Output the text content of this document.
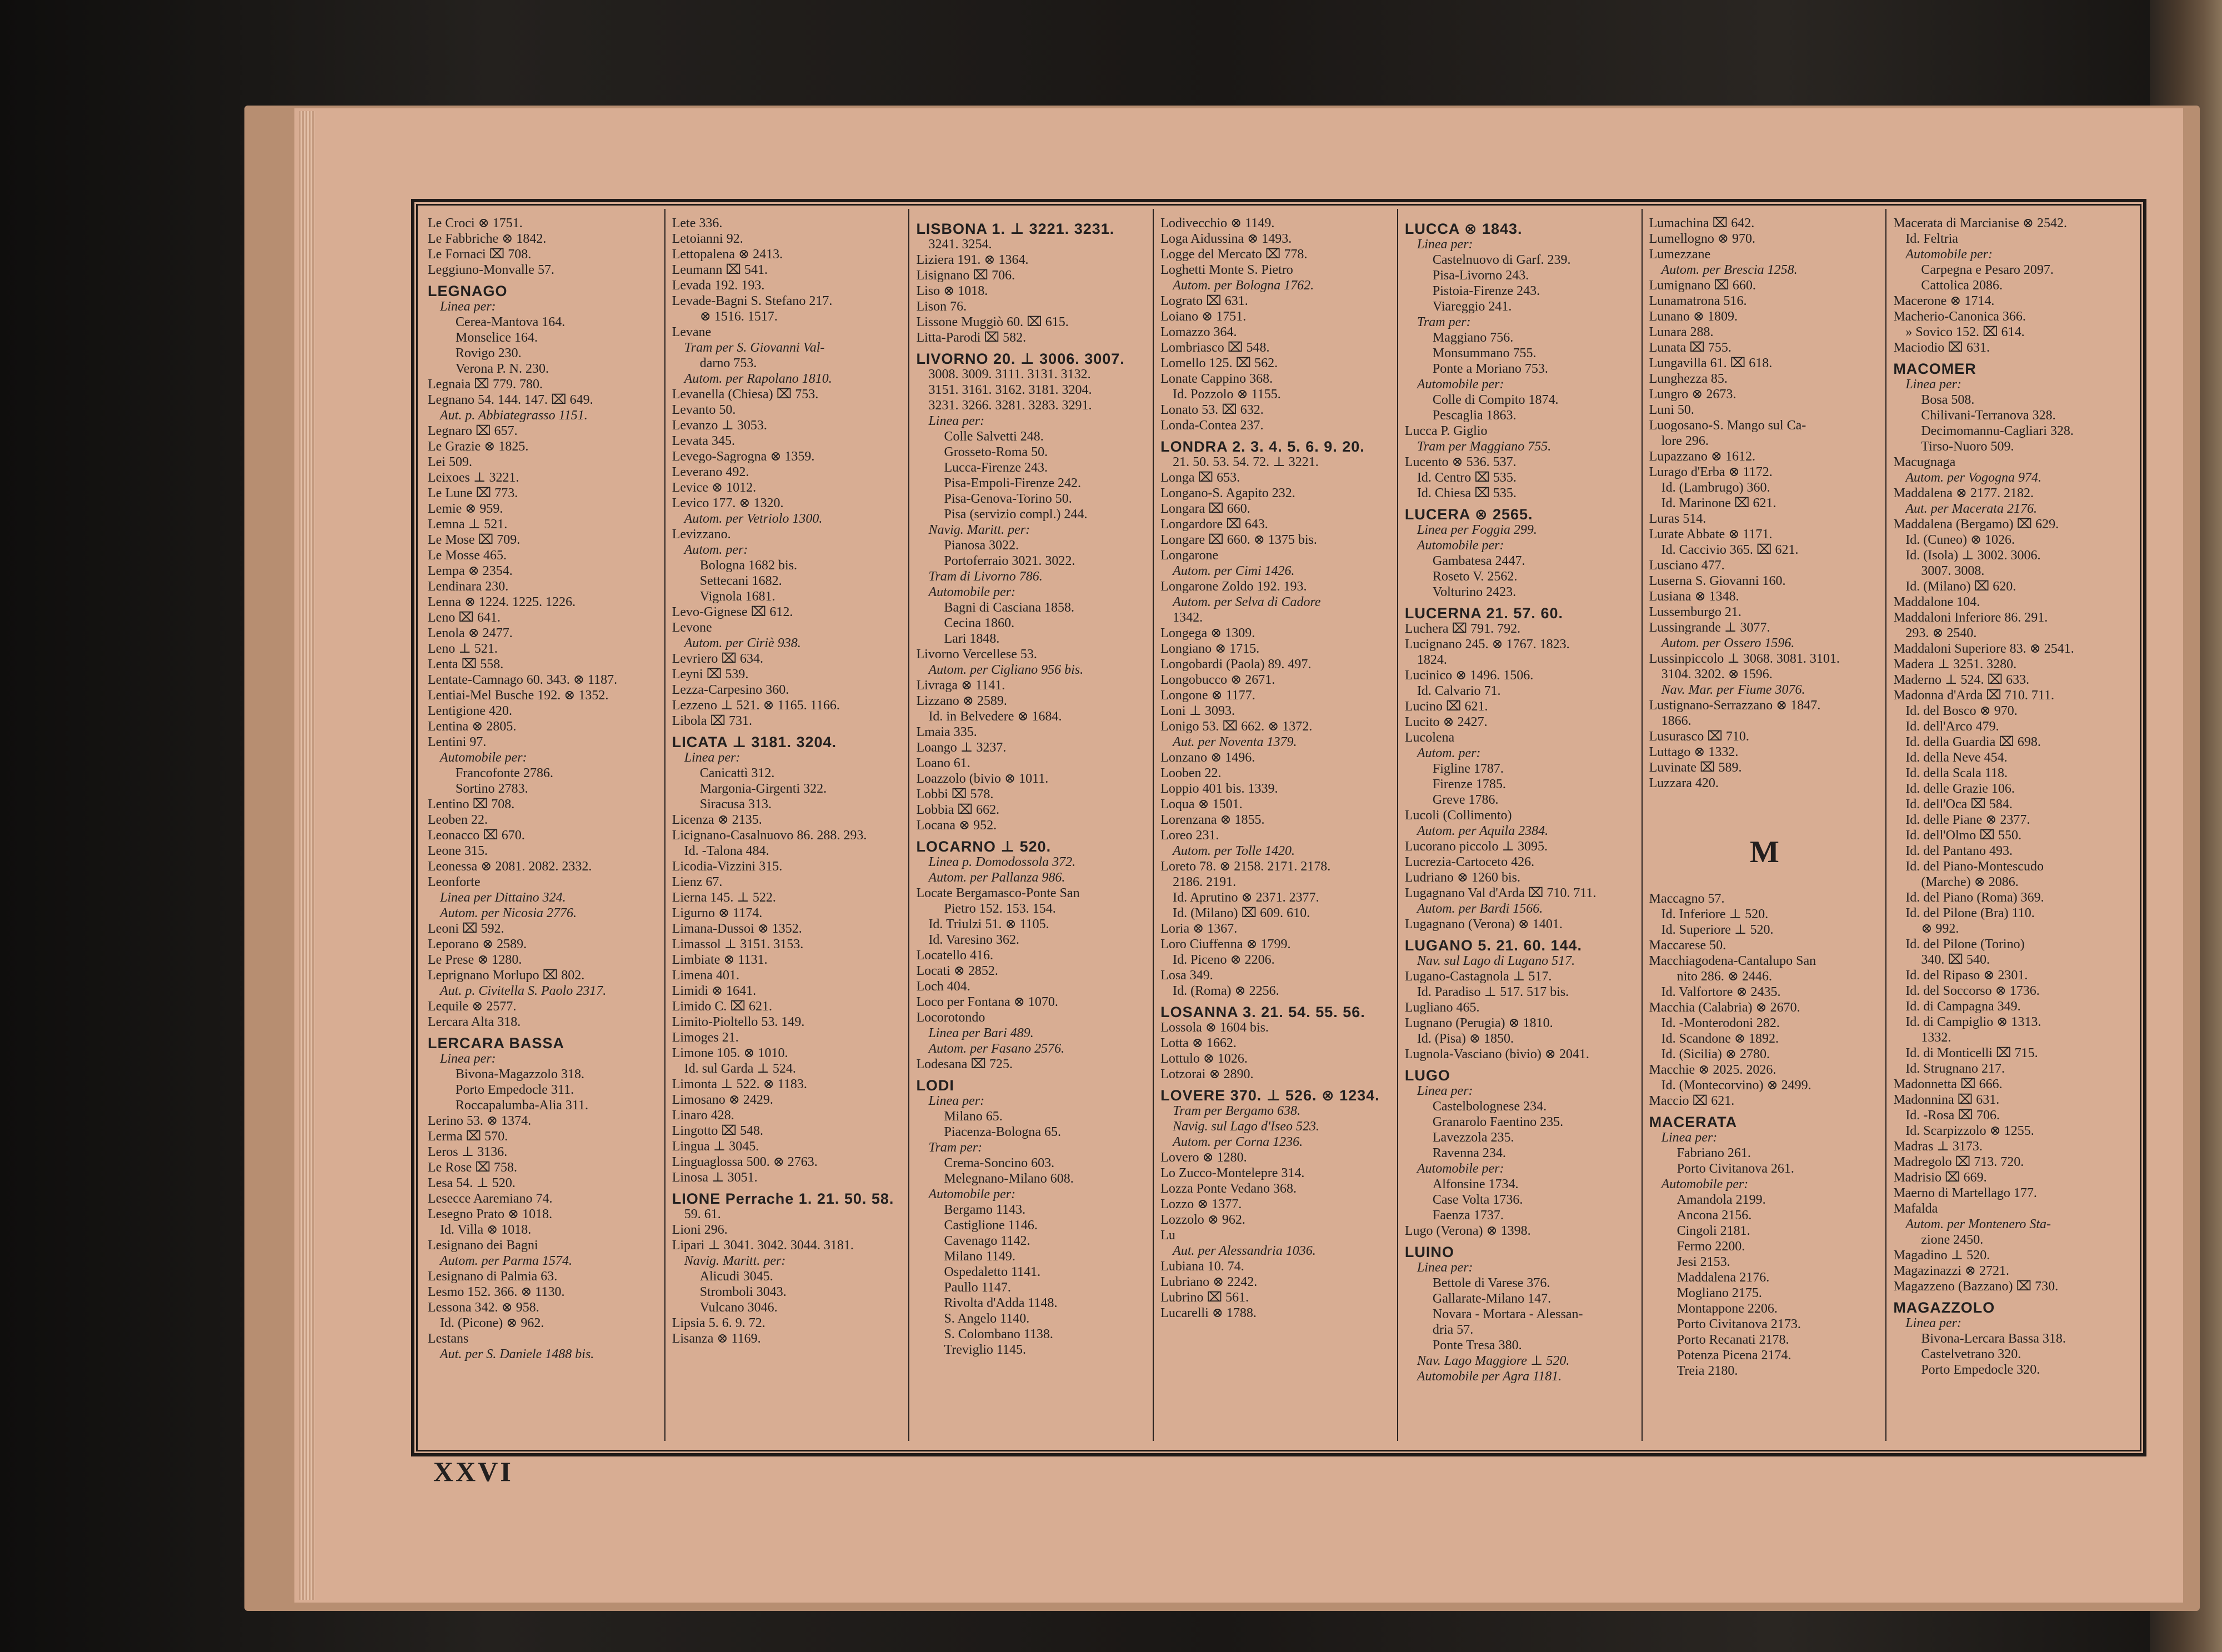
Le Croci ⊗ 1751.
Le Fabbriche ⊗ 1842.
Le Fornaci ⌧ 708.
Leggiuno-Monvalle 57.
LEGNAGO
Linea per:
Cerea-Mantova 164.
Monselice 164.
Rovigo 230.
Verona P. N. 230.
Legnaia ⌧ 779. 780.
Legnano 54. 144. 147. ⌧ 649.
Aut. p. Abbiategrasso 1151.
Legnaro ⌧ 657.
Le Grazie ⊗ 1825.
Lei 509.
Leixoes ⊥ 3221.
Le Lune ⌧ 773.
Lemie ⊗ 959.
Lemna ⊥ 521.
Le Mose ⌧ 709.
Le Mosse 465.
Lempa ⊗ 2354.
Lendinara 230.
Lenna ⊗ 1224. 1225. 1226.
Leno ⌧ 641.
Lenola ⊗ 2477.
Leno ⊥ 521.
Lenta ⌧ 558.
Lentate-Camnago 60. 343. ⊗ 1187.
Lentiai-Mel Busche 192. ⊗ 1352.
Lentigione 420.
Lentina ⊗ 2805.
Lentini 97.
Automobile per:
Francofonte 2786.
Sortino 2783.
Lentino ⌧ 708.
Leoben 22.
Leonacco ⌧ 670.
Leone 315.
Leonessa ⊗ 2081. 2082. 2332.
Leonforte
Linea per Dittaino 324.
Autom. per Nicosia 2776.
Leoni ⌧ 592.
Leporano ⊗ 2589.
Le Prese ⊗ 1280.
Leprignano Morlupo ⌧ 802.
Aut. p. Civitella S. Paolo 2317.
Lequile ⊗ 2577.
Lercara Alta 318.
LERCARA BASSA
Linea per:
Bivona-Magazzolo 318.
Porto Empedocle 311.
Roccapalumba-Alia 311.
Lerino 53. ⊗ 1374.
Lerma ⌧ 570.
Leros ⊥ 3136.
Le Rose ⌧ 758.
Lesa 54. ⊥ 520.
Lesecce Aaremiano 74.
Lesegno Prato ⊗ 1018.
Id. Villa ⊗ 1018.
Lesignano dei Bagni
Autom. per Parma 1574.
Lesignano di Palmia 63.
Lesmo 152. 366. ⊗ 1130.
Lessona 342. ⊗ 958.
Id. (Picone) ⊗ 962.
Lestans
Aut. per S. Daniele 1488 bis.
Lete 336.
Letoianni 92.
Lettopalena ⊗ 2413.
Leumann ⌧ 541.
Levada 192. 193.
Levade-Bagni S. Stefano 217.
⊗ 1516. 1517.
Levane
Tram per S. Giovanni Val-
darno 753.
Autom. per Rapolano 1810.
Levanella (Chiesa) ⌧ 753.
Levanto 50.
Levanzo ⊥ 3053.
Levata 345.
Levego-Sagrogna ⊗ 1359.
Leverano 492.
Levice ⊗ 1012.
Levico 177. ⊗ 1320.
Autom. per Vetriolo 1300.
Levizzano.
Autom. per:
Bologna 1682 bis.
Settecani 1682.
Vignola 1681.
Levo-Gignese ⌧ 612.
Levone
Autom. per Ciriè 938.
Levriero ⌧ 634.
Leyni ⌧ 539.
Lezza-Carpesino 360.
Lezzeno ⊥ 521. ⊗ 1165. 1166.
Libola ⌧ 731.
LICATA ⊥ 3181. 3204.
Linea per:
Canicattì 312.
Margonia-Girgenti 322.
Siracusa 313.
Licenza ⊗ 2135.
Licignano-Casalnuovo 86. 288. 293.
Id. -Talona 484.
Licodia-Vizzini 315.
Lienz 67.
Lierna 145. ⊥ 522.
Ligurno ⊗ 1174.
Limana-Dussoi ⊗ 1352.
Limassol ⊥ 3151. 3153.
Limbiate ⊗ 1131.
Limena 401.
Limidi ⊗ 1641.
Limido C. ⌧ 621.
Limito-Pioltello 53. 149.
Limoges 21.
Limone 105. ⊗ 1010.
Id. sul Garda ⊥ 524.
Limonta ⊥ 522. ⊗ 1183.
Limosano ⊗ 2429.
Linaro 428.
Lingotto ⌧ 548.
Lingua ⊥ 3045.
Linguaglossa 500. ⊗ 2763.
Linosa ⊥ 3051.
LIONE Perrache 1. 21. 50. 58.
59. 61.
Lioni 296.
Lipari ⊥ 3041. 3042. 3044. 3181.
Navig. Maritt. per:
Alicudi 3045.
Stromboli 3043.
Vulcano 3046.
Lipsia 5. 6. 9. 72.
Lisanza ⊗ 1169.
LISBONA 1. ⊥ 3221. 3231.
3241. 3254.
Liziera 191. ⊗ 1364.
Lisignano ⌧ 706.
Liso ⊗ 1018.
Lison 76.
Lissone Muggiò 60. ⌧ 615.
Litta-Parodi ⌧ 582.
LIVORNO 20. ⊥ 3006. 3007.
3008. 3009. 3111. 3131. 3132.
3151. 3161. 3162. 3181. 3204.
3231. 3266. 3281. 3283. 3291.
Linea per:
Colle Salvetti 248.
Grosseto-Roma 50.
Lucca-Firenze 243.
Pisa-Empoli-Firenze 242.
Pisa-Genova-Torino 50.
Pisa (servizio compl.) 244.
Navig. Maritt. per:
Pianosa 3022.
Portoferraio 3021. 3022.
Tram di Livorno 786.
Automobile per:
Bagni di Casciana 1858.
Cecina 1860.
Lari 1848.
Livorno Vercellese 53.
Autom. per Cigliano 956 bis.
Livraga ⊗ 1141.
Lizzano ⊗ 2589.
Id. in Belvedere ⊗ 1684.
Lmaia 335.
Loango ⊥ 3237.
Loano 61.
Loazzolo (bivio ⊗ 1011.
Lobbi ⌧ 578.
Lobbia ⌧ 662.
Locana ⊗ 952.
LOCARNO ⊥ 520.
Linea p. Domodossola 372.
Autom. per Pallanza 986.
Locate Bergamasco-Ponte San
Pietro 152. 153. 154.
Id. Triulzi 51. ⊗ 1105.
Id. Varesino 362.
Locatello 416.
Locati ⊗ 2852.
Loch 404.
Loco per Fontana ⊗ 1070.
Locorotondo
Linea per Bari 489.
Autom. per Fasano 2576.
Lodesana ⌧ 725.
LODI
Linea per:
Milano 65.
Piacenza-Bologna 65.
Tram per:
Crema-Soncino 603.
Melegnano-Milano 608.
Automobile per:
Bergamo 1143.
Castiglione 1146.
Cavenago 1142.
Milano 1149.
Ospedaletto 1141.
Paullo 1147.
Rivolta d'Adda 1148.
S. Angelo 1140.
S. Colombano 1138.
Treviglio 1145.
Lodivecchio ⊗ 1149.
Loga Aidussina ⊗ 1493.
Logge del Mercato ⌧ 778.
Loghetti Monte S. Pietro
Autom. per Bologna 1762.
Lograto ⌧ 631.
Loiano ⊗ 1751.
Lomazzo 364.
Lombriasco ⌧ 548.
Lomello 125. ⌧ 562.
Lonate Cappino 368.
Id. Pozzolo ⊗ 1155.
Lonato 53. ⌧ 632.
Londa-Contea 237.
LONDRA 2. 3. 4. 5. 6. 9. 20.
21. 50. 53. 54. 72. ⊥ 3221.
Longa ⌧ 653.
Longano-S. Agapito 232.
Longara ⌧ 660.
Longardore ⌧ 643.
Longare ⌧ 660. ⊗ 1375 bis.
Longarone
Autom. per Cimi 1426.
Longarone Zoldo 192. 193.
Autom. per Selva di Cadore
1342.
Longega ⊗ 1309.
Longiano ⊗ 1715.
Longobardi (Paola) 89. 497.
Longobucco ⊗ 2671.
Longone ⊗ 1177.
Loni ⊥ 3093.
Lonigo 53. ⌧ 662. ⊗ 1372.
Aut. per Noventa 1379.
Lonzano ⊗ 1496.
Looben 22.
Loppio 401 bis. 1339.
Loqua ⊗ 1501.
Lorenzana ⊗ 1855.
Loreo 231.
Autom. per Tolle 1420.
Loreto 78. ⊗ 2158. 2171. 2178.
2186. 2191.
Id. Aprutino ⊗ 2371. 2377.
Id. (Milano) ⌧ 609. 610.
Loria ⊗ 1367.
Loro Ciuffenna ⊗ 1799.
Id. Piceno ⊗ 2206.
Losa 349.
Id. (Roma) ⊗ 2256.
LOSANNA 3. 21. 54. 55. 56.
Lossola ⊗ 1604 bis.
Lotta ⊗ 1662.
Lottulo ⊗ 1026.
Lotzorai ⊗ 2890.
LOVERE 370. ⊥ 526. ⊗ 1234.
Tram per Bergamo 638.
Navig. sul Lago d'Iseo 523.
Autom. per Corna 1236.
Lovero ⊗ 1280.
Lo Zucco-Montelepre 314.
Lozza Ponte Vedano 368.
Lozzo ⊗ 1377.
Lozzolo ⊗ 962.
Lu
Aut. per Alessandria 1036.
Lubiana 10. 74.
Lubriano ⊗ 2242.
Lubrino ⌧ 561.
Lucarelli ⊗ 1788.
LUCCA ⊗ 1843.
Linea per:
Castelnuovo di Garf. 239.
Pisa-Livorno 243.
Pistoia-Firenze 243.
Viareggio 241.
Tram per:
Maggiano 756.
Monsummano 755.
Ponte a Moriano 753.
Automobile per:
Colle di Compito 1874.
Pescaglia 1863.
Lucca P. Giglio
Tram per Maggiano 755.
Lucento ⊗ 536. 537.
Id. Centro ⌧ 535.
Id. Chiesa ⌧ 535.
LUCERA ⊗ 2565.
Linea per Foggia 299.
Automobile per:
Gambatesa 2447.
Roseto V. 2562.
Volturino 2423.
LUCERNA 21. 57. 60.
Luchera ⌧ 791. 792.
Lucignano 245. ⊗ 1767. 1823.
1824.
Lucinico ⊗ 1496. 1506.
Id. Calvario 71.
Lucino ⌧ 621.
Lucito ⊗ 2427.
Lucolena
Autom. per:
Figline 1787.
Firenze 1785.
Greve 1786.
Lucoli (Collimento)
Autom. per Aquila 2384.
Lucorano piccolo ⊥ 3095.
Lucrezia-Cartoceto 426.
Ludriano ⊗ 1260 bis.
Lugagnano Val d'Arda ⌧ 710. 711.
Autom. per Bardi 1566.
Lugagnano (Verona) ⊗ 1401.
LUGANO 5. 21. 60. 144.
Nav. sul Lago di Lugano 517.
Lugano-Castagnola ⊥ 517.
Id. Paradiso ⊥ 517. 517 bis.
Lugliano 465.
Lugnano (Perugia) ⊗ 1810.
Id. (Pisa) ⊗ 1850.
Lugnola-Vasciano (bivio) ⊗ 2041.
LUGO
Linea per:
Castelbolognese 234.
Granarolo Faentino 235.
Lavezzola 235.
Ravenna 234.
Automobile per:
Alfonsine 1734.
Case Volta 1736.
Faenza 1737.
Lugo (Verona) ⊗ 1398.
LUINO
Linea per:
Bettole di Varese 376.
Gallarate-Milano 147.
Novara - Mortara - Alessan-
dria 57.
Ponte Tresa 380.
Nav. Lago Maggiore ⊥ 520.
Automobile per Agra 1181.
Lumachina ⌧ 642.
Lumellogno ⊗ 970.
Lumezzane
Autom. per Brescia 1258.
Lumignano ⌧ 660.
Lunamatrona 516.
Lunano ⊗ 1809.
Lunara 288.
Lunata ⌧ 755.
Lungavilla 61. ⌧ 618.
Lunghezza 85.
Lungro ⊗ 2673.
Luni 50.
Luogosano-S. Mango sul Ca-
lore 296.
Lupazzano ⊗ 1612.
Lurago d'Erba ⊗ 1172.
Id. (Lambrugo) 360.
Id. Marinone ⌧ 621.
Luras 514.
Lurate Abbate ⊗ 1171.
Id. Caccivio 365. ⌧ 621.
Lusciano 477.
Luserna S. Giovanni 160.
Lusiana ⊗ 1348.
Lussemburgo 21.
Lussingrande ⊥ 3077.
Autom. per Ossero 1596.
Lussinpiccolo ⊥ 3068. 3081. 3101.
3104. 3202. ⊗ 1596.
Nav. Mar. per Fiume 3076.
Lustignano-Serrazzano ⊗ 1847.
1866.
Lusurasco ⌧ 710.
Luttago ⊗ 1332.
Luvinate ⌧ 589.
Luzzara 420.
M
Maccagno 57.
Id. Inferiore ⊥ 520.
Id. Superiore ⊥ 520.
Maccarese 50.
Macchiagodena-Cantalupo San
nito 286. ⊗ 2446.
Id. Valfortore ⊗ 2435.
Macchia (Calabria) ⊗ 2670.
Id. -Monterodoni 282.
Id. Scandone ⊗ 1892.
Id. (Sicilia) ⊗ 2780.
Macchie ⊗ 2025. 2026.
Id. (Montecorvino) ⊗ 2499.
Maccio ⌧ 621.
MACERATA
Linea per:
Fabriano 261.
Porto Civitanova 261.
Automobile per:
Amandola 2199.
Ancona 2156.
Cingoli 2181.
Fermo 2200.
Jesi 2153.
Maddalena 2176.
Mogliano 2175.
Montappone 2206.
Porto Civitanova 2173.
Porto Recanati 2178.
Potenza Picena 2174.
Treia 2180.
Macerata di Marcianise ⊗ 2542.
Id. Feltria
Automobile per:
Carpegna e Pesaro 2097.
Cattolica 2086.
Macerone ⊗ 1714.
Macherio-Canonica 366.
» Sovico 152. ⌧ 614.
Maciodio ⌧ 631.
MACOMER
Linea per:
Bosa 508.
Chilivani-Terranova 328.
Decimomannu-Cagliari 328.
Tirso-Nuoro 509.
Macugnaga
Autom. per Vogogna 974.
Maddalena ⊗ 2177. 2182.
Aut. per Macerata 2176.
Maddalena (Bergamo) ⌧ 629.
Id. (Cuneo) ⊗ 1026.
Id. (Isola) ⊥ 3002. 3006.
3007. 3008.
Id. (Milano) ⌧ 620.
Maddalone 104.
Maddaloni Inferiore 86. 291.
293. ⊗ 2540.
Maddaloni Superiore 83. ⊗ 2541.
Madera ⊥ 3251. 3280.
Maderno ⊥ 524. ⌧ 633.
Madonna d'Arda ⌧ 710. 711.
Id. del Bosco ⊗ 970.
Id. dell'Arco 479.
Id. della Guardia ⌧ 698.
Id. della Neve 454.
Id. della Scala 118.
Id. delle Grazie 106.
Id. dell'Oca ⌧ 584.
Id. delle Piane ⊗ 2377.
Id. dell'Olmo ⌧ 550.
Id. del Pantano 493.
Id. del Piano-Montescudo
(Marche) ⊗ 2086.
Id. del Piano (Roma) 369.
Id. del Pilone (Bra) 110.
⊗ 992.
Id. del Pilone (Torino)
340. ⌧ 540.
Id. del Ripaso ⊗ 2301.
Id. del Soccorso ⊗ 1736.
Id. di Campagna 349.
Id. di Campiglio ⊗ 1313.
1332.
Id. di Monticelli ⌧ 715.
Id. Strugnano 217.
Madonnetta ⌧ 666.
Madonnina ⌧ 631.
Id. -Rosa ⌧ 706.
Id. Scarpizzolo ⊗ 1255.
Madras ⊥ 3173.
Madregolo ⌧ 713. 720.
Madrisio ⌧ 669.
Maerno di Martellago 177.
Mafalda
Autom. per Montenero Sta-
zione 2450.
Magadino ⊥ 520.
Magazinazzi ⊗ 2721.
Magazzeno (Bazzano) ⌧ 730.
MAGAZZOLO
Linea per:
Bivona-Lercara Bassa 318.
Castelvetrano 320.
Porto Empedocle 320.
XXVI
